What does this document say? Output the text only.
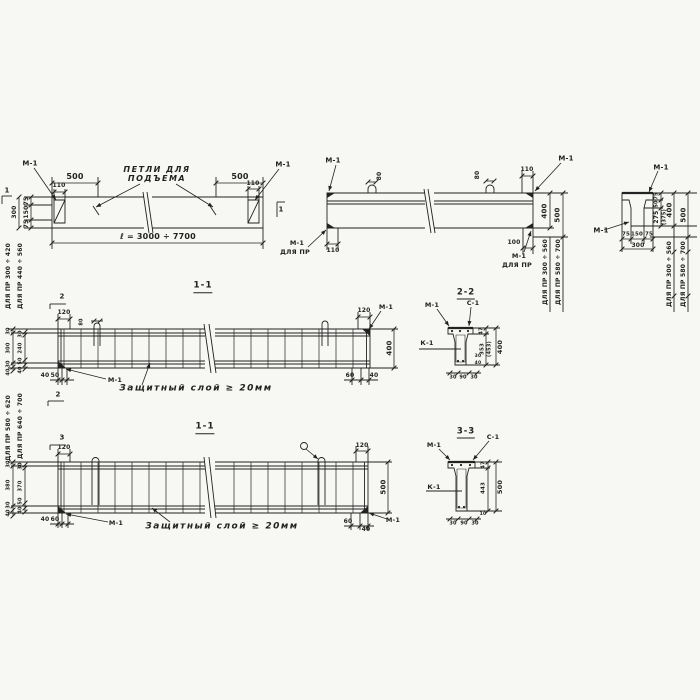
М-1	М-1
ПЕТЛИ ДЛЯ
ПОДЪЕМА
500	500
110	110
75
150
75
300
ℓ = 3000 ÷ 7700
1
1
М-1	М-1
80	80
110
110
100
М-1
ДЛЯ ПР	М-1
ДЛЯ ПР
400 500
ДЛЯ ПР 300 ÷ 560 ДЛЯ ПР 580 ÷ 700
М-1
М-1 75 150 75
300
75
50
275 (375)
400 500
ДЛЯ ПР 300 ÷ 560 ДЛЯ ПР 580 ÷ 700
1-1
2
2
120
80
120 М-1
М-1
400
60	40
40 50
ДЛЯ ПР 300 ÷ 420 ДЛЯ ПР 440 ÷ 560
30
300
30
40
30
240
50
40
Защитный слой ≥ 20мм
1-1
3
120	120
М-1	М-1
500
60
40
40 60
ДЛЯ ПР 580 ÷ 620 ДЛЯ ПР 640 ÷ 700
30
380
30
40
30
370
50
40
Защитный слой ≥ 20мм
2-2
М-1	С-1
К-1
30 90 30
47
353 (453) 400
30
40
3-3
М-1
С-1
К-1
30 90 30
47
443
10
500
